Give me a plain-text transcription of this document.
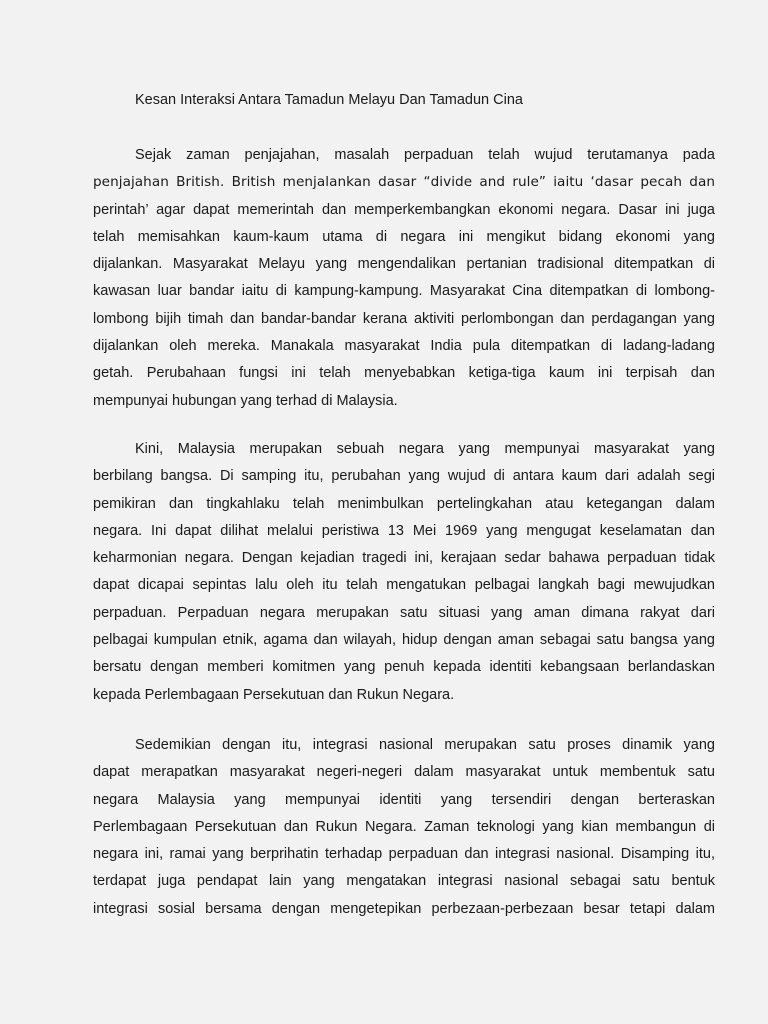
Kesan Interaksi Antara Tamadun Melayu Dan Tamadun Cina
Sejak zaman penjajahan, masalah perpaduan telah wujud terutamanya pada
penjajahan British. British menjalankan dasar “divide and rule” iaitu ‘dasar pecah dan
perintah’ agar dapat memerintah dan memperkembangkan ekonomi negara. Dasar ini juga
telah memisahkan kaum-kaum utama di negara ini mengikut bidang ekonomi yang
dijalankan. Masyarakat Melayu yang mengendalikan pertanian tradisional ditempatkan di
kawasan luar bandar iaitu di kampung-kampung. Masyarakat Cina ditempatkan di lombong-
lombong bijih timah dan bandar-bandar kerana aktiviti perlombongan dan perdagangan yang
dijalankan oleh mereka. Manakala masyarakat India pula ditempatkan di ladang-ladang
getah. Perubahaan fungsi ini telah menyebabkan ketiga-tiga kaum ini terpisah dan
mempunyai hubungan yang terhad di Malaysia.
Kini, Malaysia merupakan sebuah negara yang mempunyai masyarakat yang
berbilang bangsa. Di samping itu, perubahan yang wujud di antara kaum dari adalah segi
pemikiran dan tingkahlaku telah menimbulkan pertelingkahan atau ketegangan dalam
negara. Ini dapat dilihat melalui peristiwa 13 Mei 1969 yang mengugat keselamatan dan
keharmonian negara. Dengan kejadian tragedi ini, kerajaan sedar bahawa perpaduan tidak
dapat dicapai sepintas lalu oleh itu telah mengatukan pelbagai langkah bagi mewujudkan
perpaduan. Perpaduan negara merupakan satu situasi yang aman dimana rakyat dari
pelbagai kumpulan etnik, agama dan wilayah, hidup dengan aman sebagai satu bangsa yang
bersatu dengan memberi komitmen yang penuh kepada identiti kebangsaan berlandaskan
kepada Perlembagaan Persekutuan dan Rukun Negara.
Sedemikian dengan itu, integrasi nasional merupakan satu proses dinamik yang
dapat merapatkan masyarakat negeri-negeri dalam masyarakat untuk membentuk satu
negara Malaysia yang mempunyai identiti yang tersendiri dengan berteraskan
Perlembagaan Persekutuan dan Rukun Negara. Zaman teknologi yang kian membangun di
negara ini, ramai yang berprihatin terhadap perpaduan dan integrasi nasional. Disamping itu,
terdapat juga pendapat lain yang mengatakan integrasi nasional sebagai satu bentuk
integrasi sosial bersama dengan mengetepikan perbezaan-perbezaan besar tetapi dalam
